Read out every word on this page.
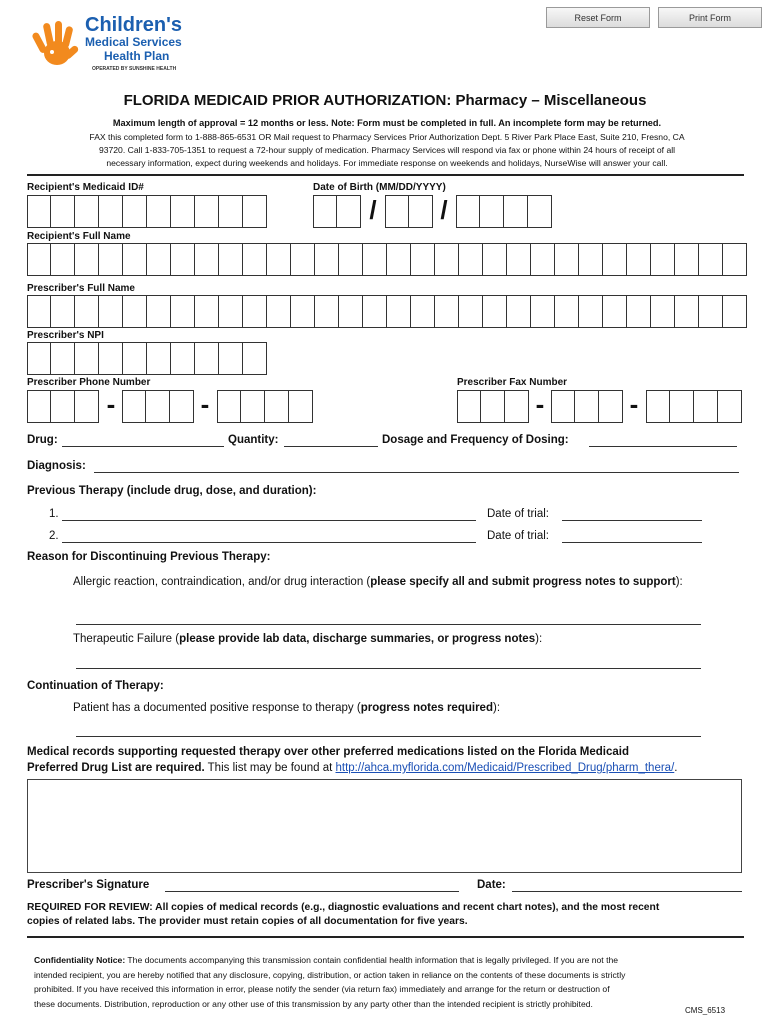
Children's
Medical Services
Health Plan
OPERATED BY SUNSHINE HEALTH
Reset Form	Print Form
FLORIDA MEDICAID PRIOR AUTHORIZATION: Pharmacy – Miscellaneous
Maximum length of approval = 12 months or less. Note: Form must be completed in full. An incomplete form may be returned.
FAX this completed form to 1-888-865-6531 OR Mail request to Pharmacy Services Prior Authorization Dept. 5 River Park Place East, Suite 210, Fresno, CA
93720. Call 1-833-705-1351 to request a 72-hour supply of medication. Pharmacy Services will respond via fax or phone within 24 hours of receipt of all
necessary information, expect during weekends and holidays. For immediate response on weekends and holidays, NurseWise will answer your call.
Recipient's Medicaid ID#	Date of Birth (MM/DD/YYYY)
/ /
Recipient's Full Name
Prescriber's Full Name
Prescriber's NPI
Prescriber Phone Number	Prescriber Fax Number
-	-	-	-
Drug:	Quantity:	Dosage and Frequency of Dosing:
Diagnosis:
Previous Therapy (include drug, dose, and duration):
1.	Date of trial:
2.	Date of trial:
Reason for Discontinuing Previous Therapy:
Allergic reaction, contraindication, and/or drug interaction (please specify all and submit progress notes to support):
Therapeutic Failure (please provide lab data, discharge summaries, or progress notes):
Continuation of Therapy:
Patient has a documented positive response to therapy (progress notes required):
Medical records supporting requested therapy over other preferred medications listed on the Florida Medicaid
Preferred Drug List are required. This list may be found at http://ahca.myflorida.com/Medicaid/Prescribed_Drug/pharm_thera/.
Prescriber's Signature	Date:
REQUIRED FOR REVIEW: All copies of medical records (e.g., diagnostic evaluations and recent chart notes), and the most recent
copies of related labs. The provider must retain copies of all documentation for five years.
Confidentiality Notice: The documents accompanying this transmission contain confidential health information that is legally privileged. If you are not the
intended recipient, you are hereby notified that any disclosure, copying, distribution, or action taken in reliance on the contents of these documents is strictly
prohibited. If you have received this information in error, please notify the sender (via return fax) immediately and arrange for the return or destruction of
these documents. Distribution, reproduction or any other use of this transmission by any party other than the intended recipient is strictly prohibited.
CMS_6513
